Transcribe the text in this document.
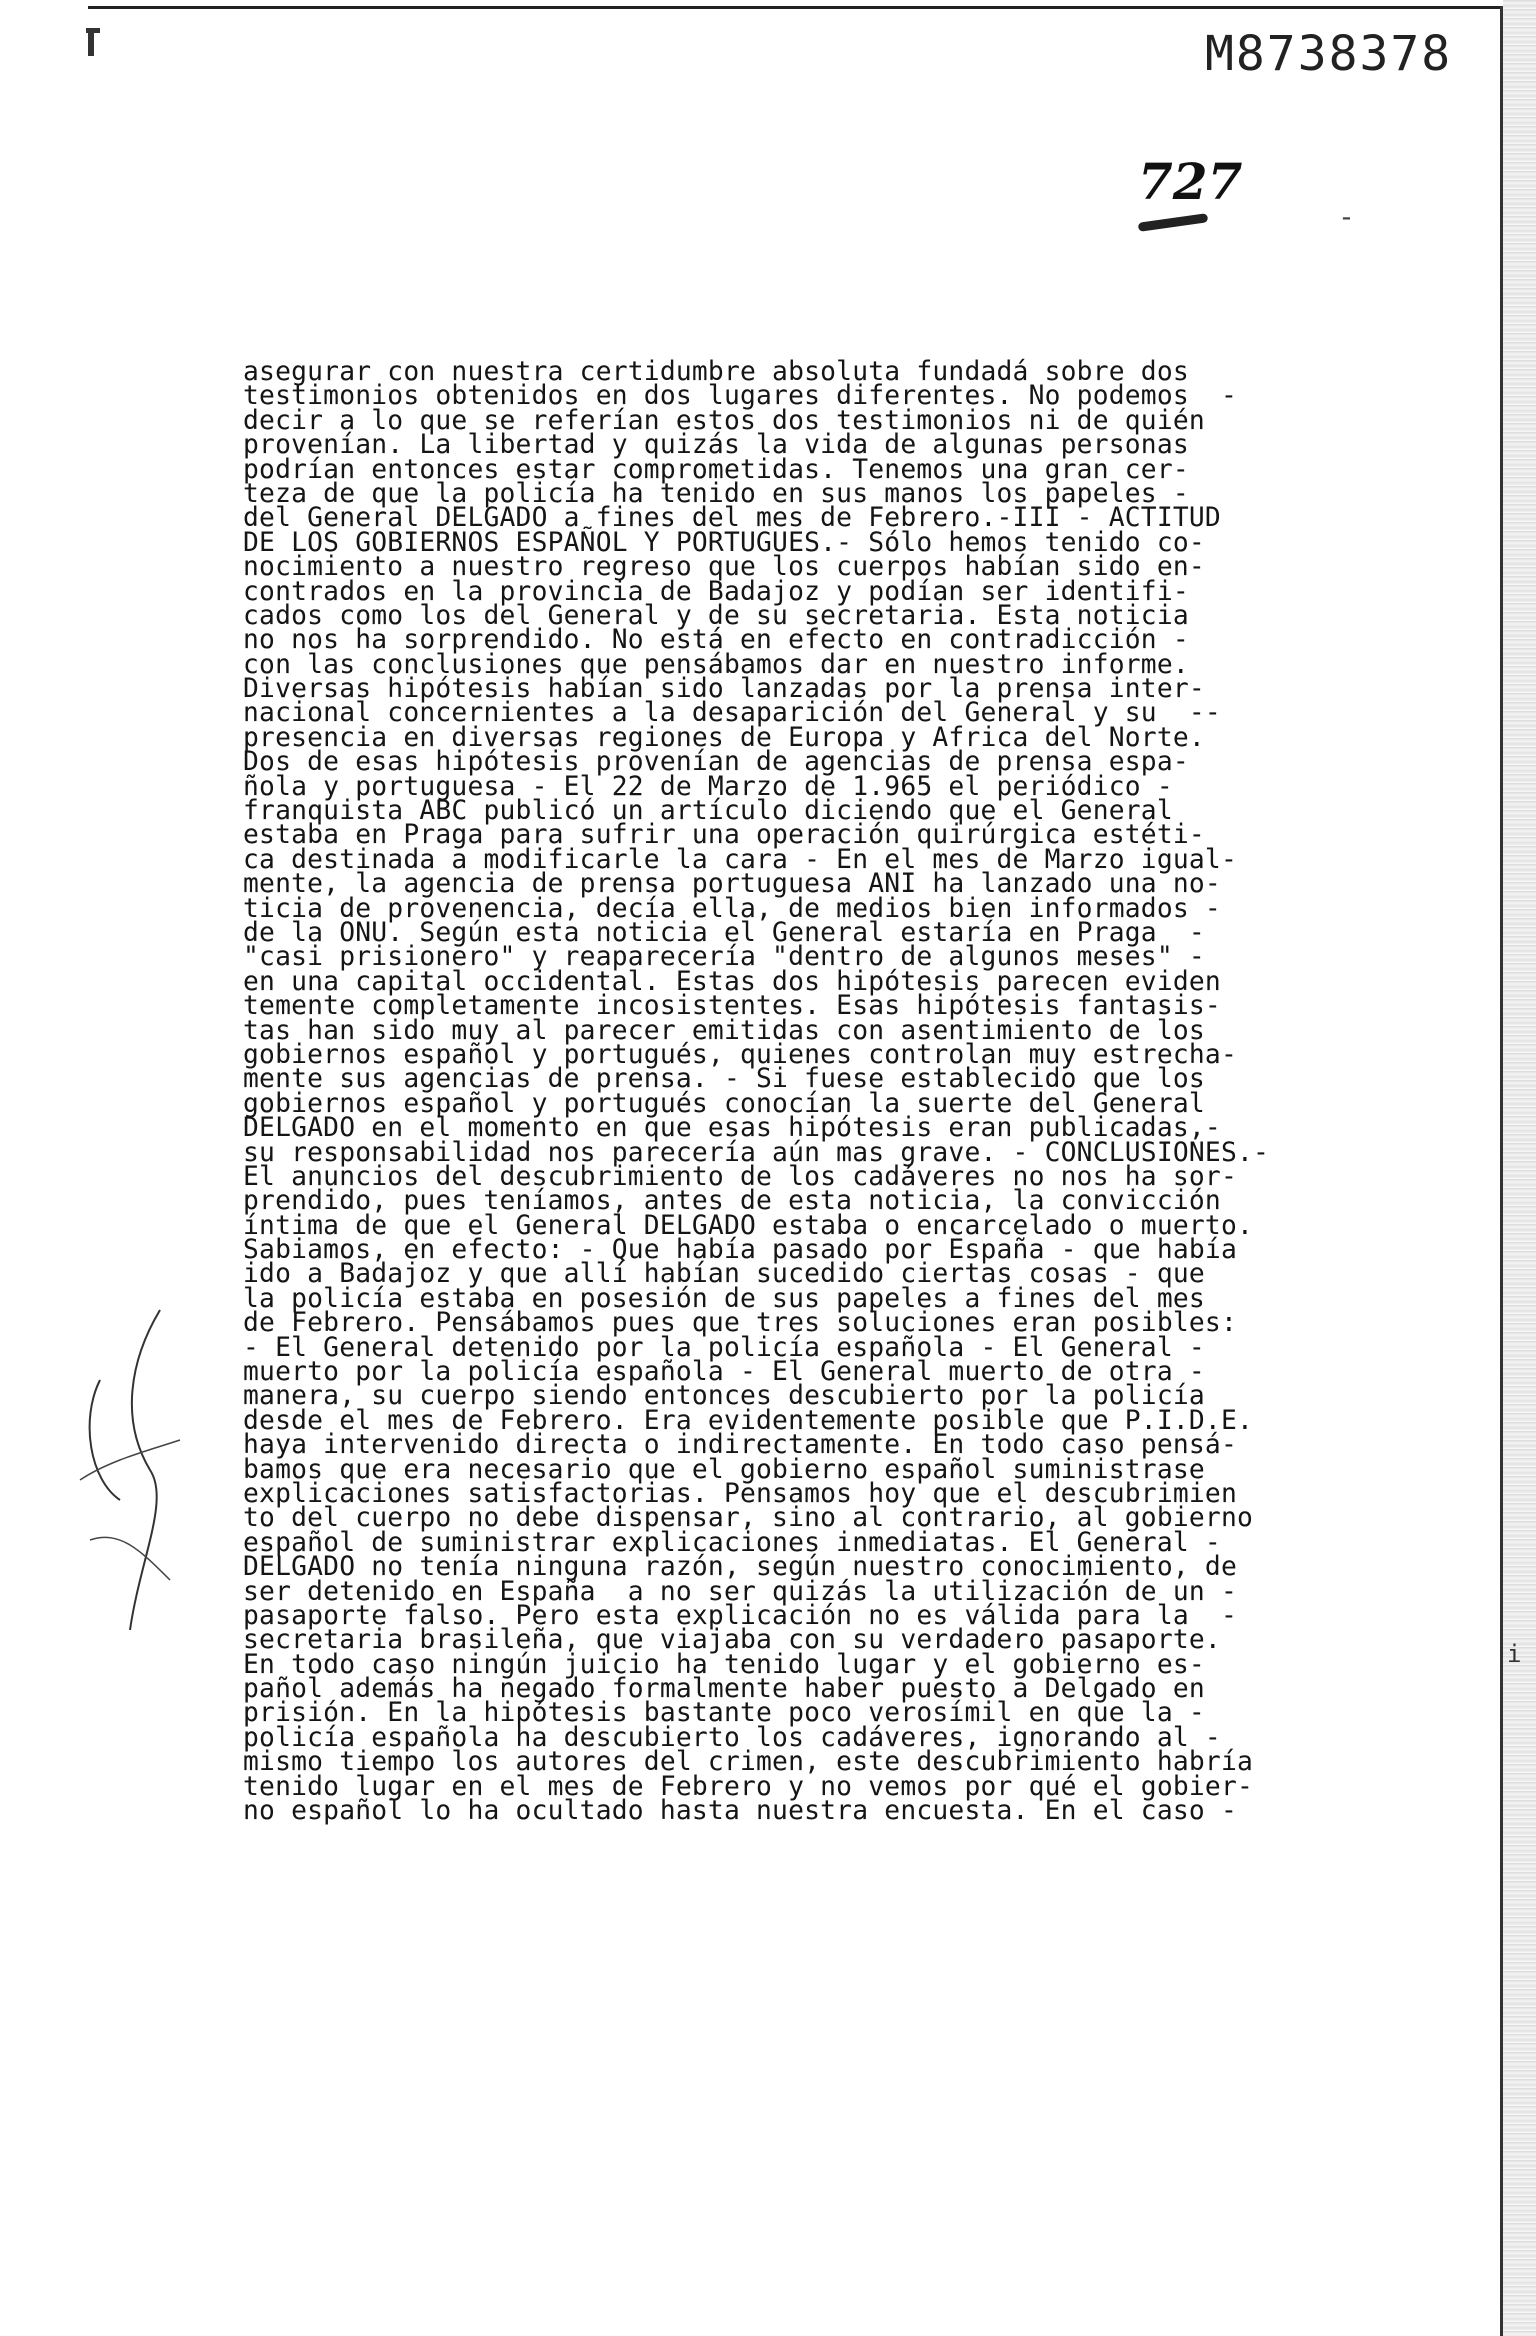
M8738378
727
-
asegurar con nuestra certidumbre absoluta fundadá sobre dos
testimonios obtenidos en dos lugares diferentes. No podemos  -
decir a lo que se referían estos dos testimonios ni de quién
provenían. La libertad y quizás la vida de algunas personas
podrían entonces estar comprometidas. Tenemos una gran cer-
teza de que la policía ha tenido en sus manos los papeles -
del General DELGADO a fines del mes de Febrero.-III - ACTITUD
DE LOS GOBIERNOS ESPAÑOL Y PORTUGUES.- Sólo hemos tenido co-
nocimiento a nuestro regreso que los cuerpos habían sido en-
contrados en la provincia de Badajoz y podían ser identifi-
cados como los del General y de su secretaria. Esta noticia
no nos ha sorprendido. No está en efecto en contradicción -
con las conclusiones que pensábamos dar en nuestro informe.
Diversas hipótesis habían sido lanzadas por la prensa inter-
nacional concernientes a la desaparición del General y su  --
presencia en diversas regiones de Europa y Africa del Norte.
Dos de esas hipótesis provenían de agencias de prensa espa-
ñola y portuguesa - El 22 de Marzo de 1.965 el periódico -
franquista ABC publicó un artículo diciendo que el General
estaba en Praga para sufrir una operación quirúrgica estéti-
ca destinada a modificarle la cara - En el mes de Marzo igual-
mente, la agencia de prensa portuguesa ANI ha lanzado una no-
ticia de provenencia, decía ella, de medios bien informados -
de la ONU. Según esta noticia el General estaría en Praga  -
"casi prisionero" y reaparecería "dentro de algunos meses" -
en una capital occidental. Estas dos hipótesis parecen eviden
temente completamente incosistentes. Esas hipótesis fantasis-
tas han sido muy al parecer emitidas con asentimiento de los
gobiernos español y portugués, quienes controlan muy estrecha-
mente sus agencias de prensa. - Si fuese establecido que los
gobiernos español y portugués conocían la suerte del General
DELGADO en el momento en que esas hipótesis eran publicadas,-
su responsabilidad nos parecería aún mas grave. - CONCLUSIONES.-
El anuncios del descubrimiento de los cadáveres no nos ha sor-
prendido, pues teníamos, antes de esta noticia, la convicción
íntima de que el General DELGADO estaba o encarcelado o muerto.
Sabiamos, en efecto: - Que había pasado por España - que había
ido a Badajoz y que allí habían sucedido ciertas cosas - que
la policía estaba en posesión de sus papeles a fines del mes
de Febrero. Pensábamos pues que tres soluciones eran posibles:
- El General detenido por la policía española - El General -
muerto por la policía española - El General muerto de otra -
manera, su cuerpo siendo entonces descubierto por la policía
desde el mes de Febrero. Era evidentemente posible que P.I.D.E.
haya intervenido directa o indirectamente. En todo caso pensá-
bamos que era necesario que el gobierno español suministrase
explicaciones satisfactorias. Pensamos hoy que el descubrimien
to del cuerpo no debe dispensar, sino al contrario, al gobierno
español de suministrar explicaciones inmediatas. El General -
DELGADO no tenía ninguna razón, según nuestro conocimiento, de
ser detenido en España  a no ser quizás la utilización de un -
pasaporte falso. Pero esta explicación no es válida para la  -
secretaria brasileña, que viajaba con su verdadero pasaporte.
En todo caso ningún juicio ha tenido lugar y el gobierno es-
pañol además ha negado formalmente haber puesto a Delgado en
prisión. En la hipótesis bastante poco verosímil en que la -
policía española ha descubierto los cadáveres, ignorando al -
mismo tiempo los autores del crimen, este descubrimiento habría
tenido lugar en el mes de Febrero y no vemos por qué el gobier-
no español lo ha ocultado hasta nuestra encuesta. En el caso -
i
